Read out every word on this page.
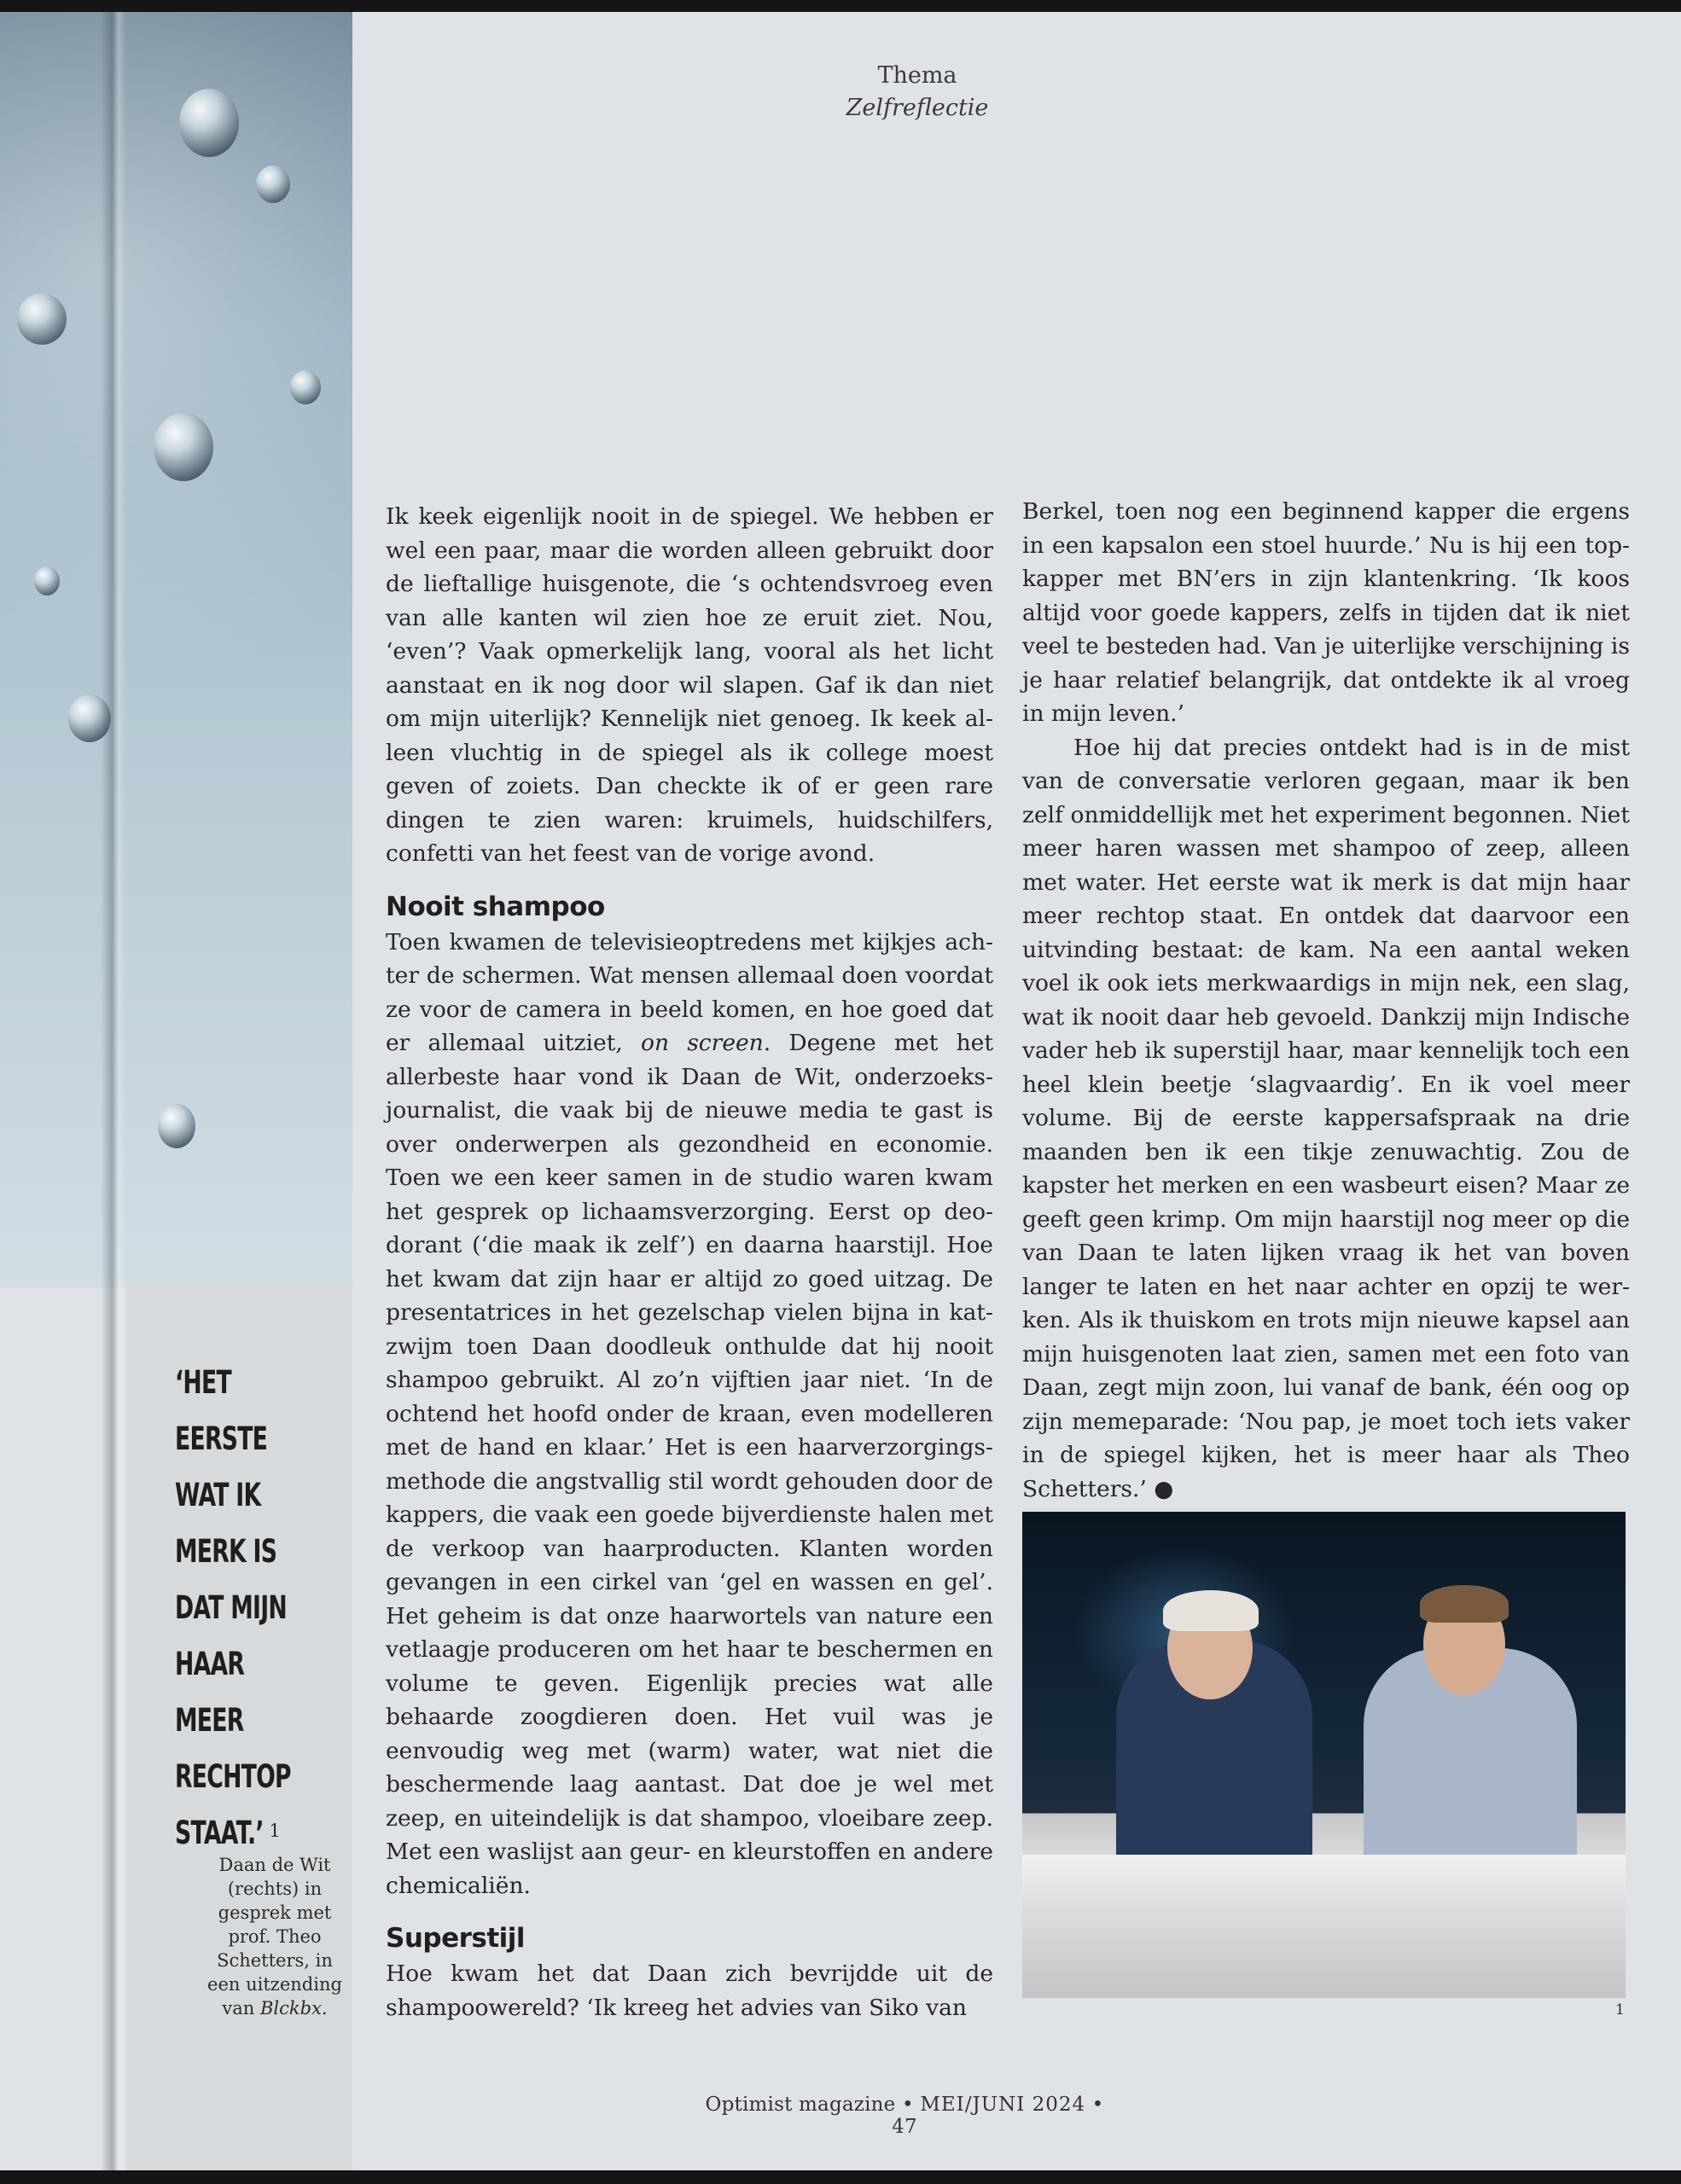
Thema
Zelfreflectie
‘HET EERSTE WAT IK MERK IS DAT MIJN HAAR MEER RECHTOP STAAT.’ 1
Daan de Wit (rechts) in gesprek met prof. Theo Schetters, in een uitzending van Blckbx.

Ik keek eigenlijk nooit in de spiegel. We hebben er wel een paar, maar die worden alleen gebruikt door de lieftallige huisgenote, die ‘s ochtendsvroeg even van alle kanten wil zien hoe ze eruit ziet. Nou, ‘even’? Vaak opmerkelijk lang, vooral als het licht aanstaat en ik nog door wil slapen. Gaf ik dan niet om mijn uiterlijk? Kennelijk niet genoeg. Ik keek alleen vluchtig in de spiegel als ik college moest geven of zoiets. Dan checkte ik of er geen rare dingen te zien waren: kruimels, huidschilfers, confetti van het feest van de vorige avond.

Nooit shampoo

Toen kwamen de televisieoptredens met kijkjes achter de schermen. Wat mensen allemaal doen voordat ze voor de camera in beeld komen, en hoe goed dat er allemaal uitziet, on screen. Degene met het allerbeste haar vond ik Daan de Wit, onderzoeksjournalist, die vaak bij de nieuwe media te gast is over onderwerpen als gezondheid en economie. Toen we een keer samen in de studio waren kwam het gesprek op lichaamsverzorging. Eerst op deodorant (‘die maak ik zelf’) en daarna haarstijl. Hoe het kwam dat zijn haar er altijd zo goed uitzag. De presentatrices in het gezelschap vielen bijna in katzwijm toen Daan doodleuk onthulde dat hij nooit shampoo gebruikt. Al zo’n vijftien jaar niet. ‘In de ochtend het hoofd onder de kraan, even modelleren met de hand en klaar.’ Het is een haarverzorgingsmethode die angstvallig stil wordt gehouden door de kappers, die vaak een goede bijverdienste halen met de verkoop van haarproducten. Klanten worden gevangen in een cirkel van ‘gel en wassen en gel’. Het geheim is dat onze haarwortels van nature een vetlaagje produceren om het haar te beschermen en volume te geven. Eigenlijk precies wat alle behaarde zoogdieren doen. Het vuil was je eenvoudig weg met (warm) water, wat niet die beschermende laag aantast. Dat doe je wel met zeep, en uiteindelijk is dat shampoo, vloeibare zeep. Met een waslijst aan geur- en kleurstoffen en andere chemicaliën.

Superstijl

Hoe kwam het dat Daan zich bevrijdde uit de shampoowereld? ‘Ik kreeg het advies van Siko van

Berkel, toen nog een beginnend kapper die ergens in een kapsalon een stoel huurde.’ Nu is hij een topkapper met BN’ers in zijn klantenkring. ‘Ik koos altijd voor goede kappers, zelfs in tijden dat ik niet veel te besteden had. Van je uiterlijke verschijning is je haar relatief belangrijk, dat ontdekte ik al vroeg in mijn leven.’

Hoe hij dat precies ontdekt had is in de mist van de conversatie verloren gegaan, maar ik ben zelf onmiddellijk met het experiment begonnen. Niet meer haren wassen met shampoo of zeep, alleen met water. Het eerste wat ik merk is dat mijn haar meer rechtop staat. En ontdek dat daarvoor een uitvinding bestaat: de kam. Na een aantal weken voel ik ook iets merkwaardigs in mijn nek, een slag, wat ik nooit daar heb gevoeld. Dankzij mijn Indische vader heb ik superstijl haar, maar kennelijk toch een heel klein beetje ‘slagvaardig’. En ik voel meer volume. Bij de eerste kappersafspraak na drie maanden ben ik een tikje zenuwachtig. Zou de kapster het merken en een wasbeurt eisen? Maar ze geeft geen krimp. Om mijn haarstijl nog meer op die van Daan te laten lijken vraag ik het van boven langer te laten en het naar achter en opzij te werken. Als ik thuiskom en trots mijn nieuwe kapsel aan mijn huisgenoten laat zien, samen met een foto van Daan, zegt mijn zoon, lui vanaf de bank, één oog op zijn memeparade: ‘Nou pap, je moet toch iets vaker in de spiegel kijken, het is meer haar als Theo Schetters.’ ●

1
Optimist magazine • MEI/JUNI 2024 • 47
